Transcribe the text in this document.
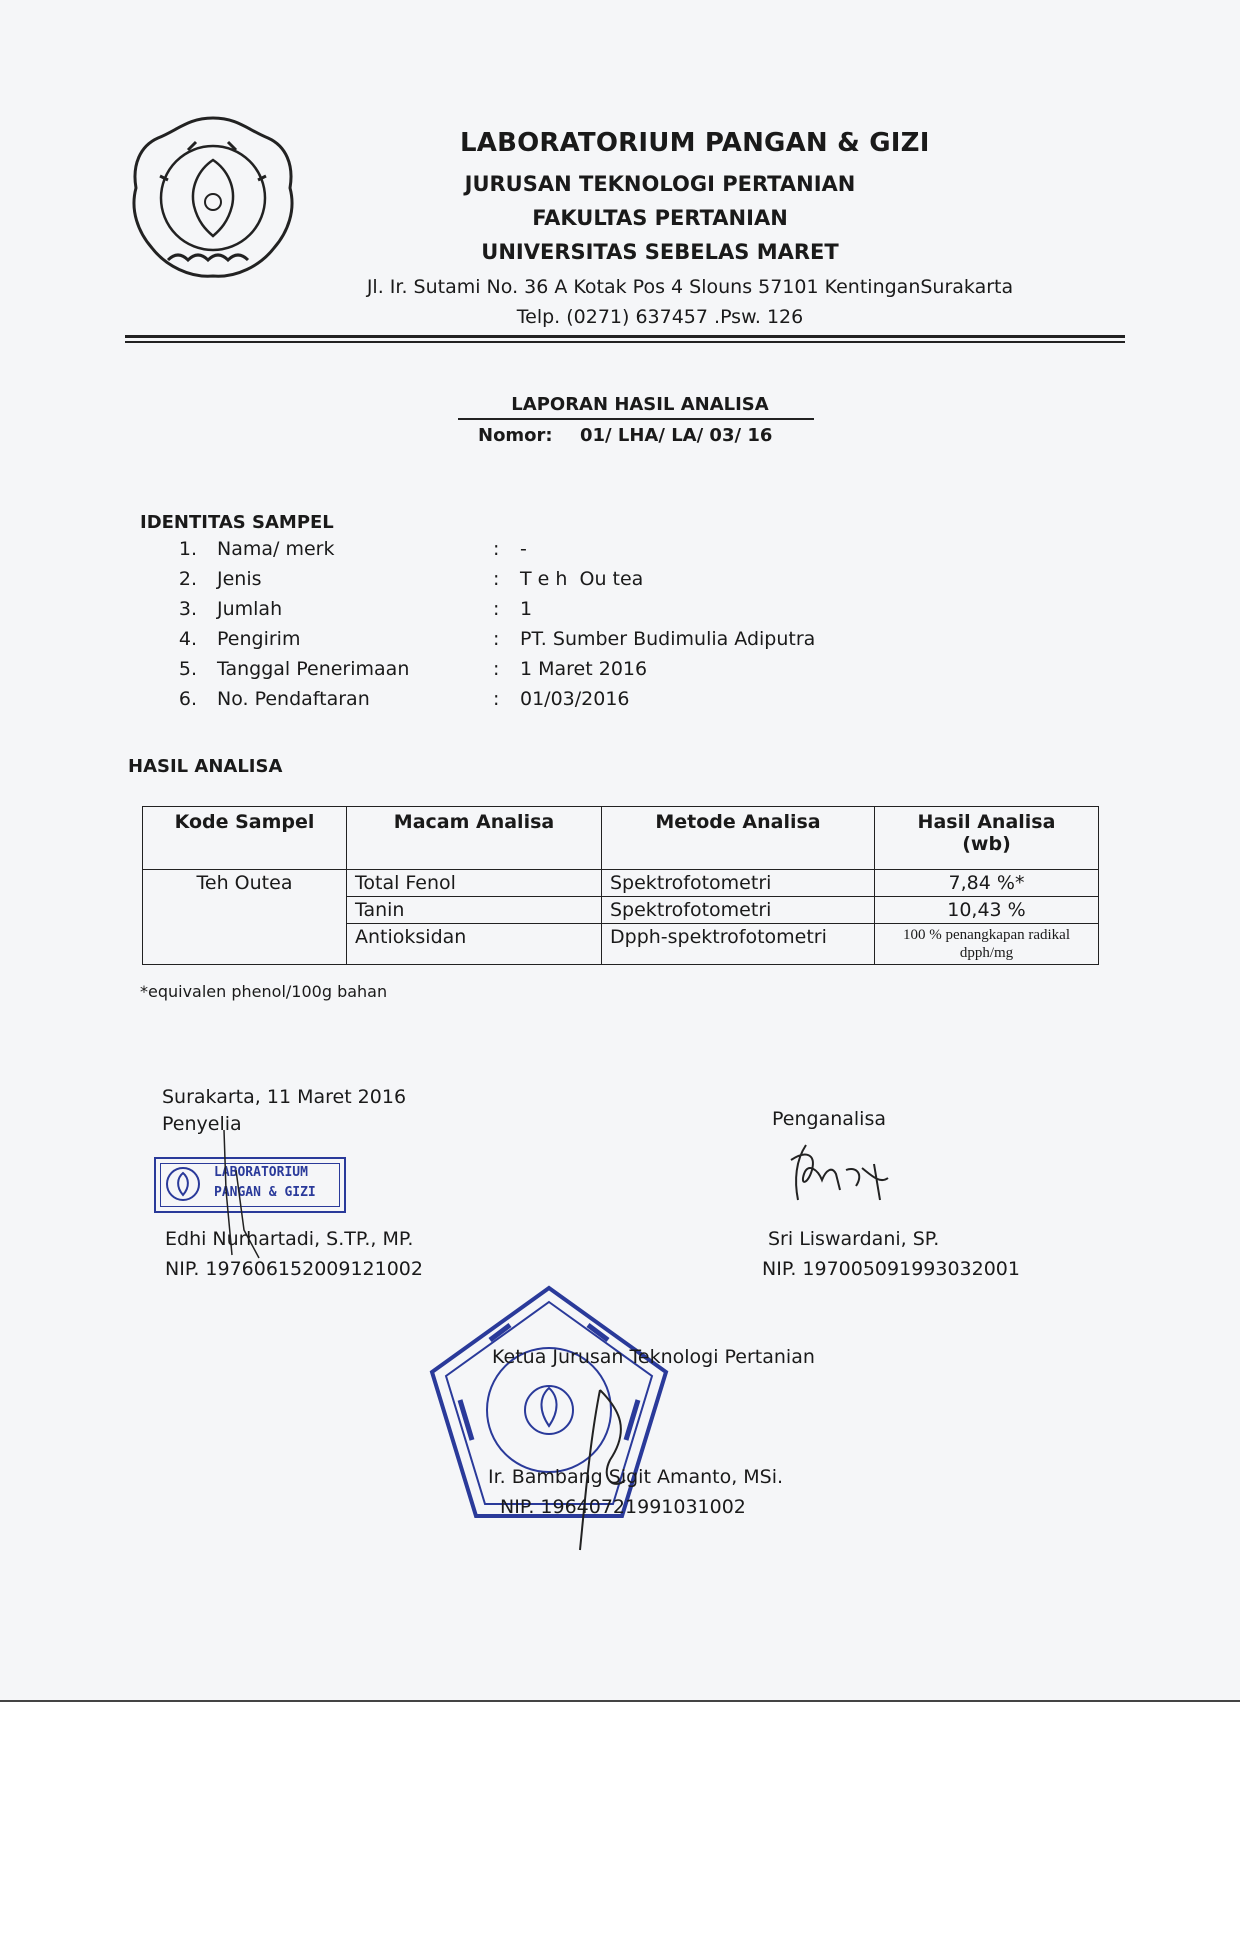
LABORATORIUM PANGAN & GIZI
JURUSAN TEKNOLOGI PERTANIAN
FAKULTAS PERTANIAN
UNIVERSITAS SEBELAS MARET
Jl. Ir. Sutami No. 36 A Kotak Pos 4 Slouns 57101 KentinganSurakarta
Telp. (0271) 637457 .Psw. 126
LAPORAN HASIL ANALISA
Nomor: 01/ LHA/ LA/ 03/ 16
IDENTITAS SAMPEL
1. Nama/ merk	: -
2. Jenis	: T e h  Ou tea
3. Jumlah	: 1
4. Pengirim	: PT. Sumber Budimulia Adiputra
5. Tanggal Penerimaan	: 1 Maret 2016
6. No. Pendaftaran	: 01/03/2016
HASIL ANALISA
Kode Sampel	Macam Analisa	Metode Analisa	Hasil Analisa
(wb)

Teh Outea	Total Fenol	Spektrofotometri	7,84 %*
	Tanin	Spektrofotometri	10,43 %
	Antioksidan	Dpph-spektrofotometri	100 % penangkapan radikal dpph/mg
*equivalen phenol/100g bahan
Surakarta, 11 Maret 2016
Penyelia
LABORATORIUM
PANGAN & GIZI
Edhi Nurhartadi, S.TP., MP.
NIP. 197606152009121002
Penganalisa
Sri Liswardani, SP.
NIP. 197005091993032001
Ketua Jurusan Teknologi Pertanian
Ir. Bambang Sigit Amanto, MSi.
NIP. 19640721991031002
